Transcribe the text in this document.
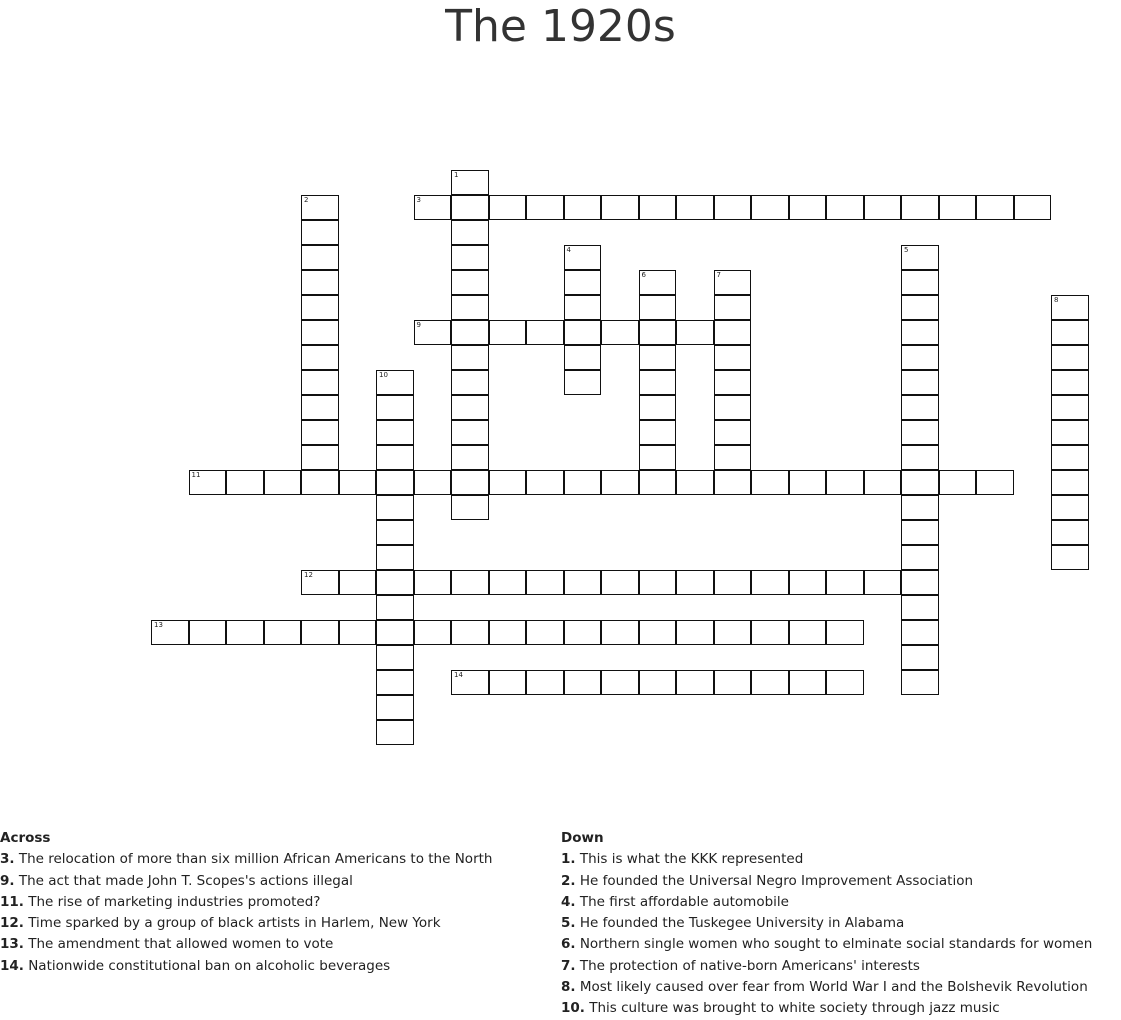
The 1920s
1
2	3
4	5
6	7
8
9
10
11
12
13
14
Across
3. The relocation of more than six million African Americans to the North
9. The act that made John T. Scopes's actions illegal
11. The rise of marketing industries promoted?
12. Time sparked by a group of black artists in Harlem, New York
13. The amendment that allowed women to vote
14. Nationwide constitutional ban on alcoholic beverages
Down
1. This is what the KKK represented
2. He founded the Universal Negro Improvement Association
4. The first affordable automobile
5. He founded the Tuskegee University in Alabama
6. Northern single women who sought to elminate social standards for women
7. The protection of native-born Americans' interests
8. Most likely caused over fear from World War I and the Bolshevik Revolution
10. This culture was brought to white society through jazz music
